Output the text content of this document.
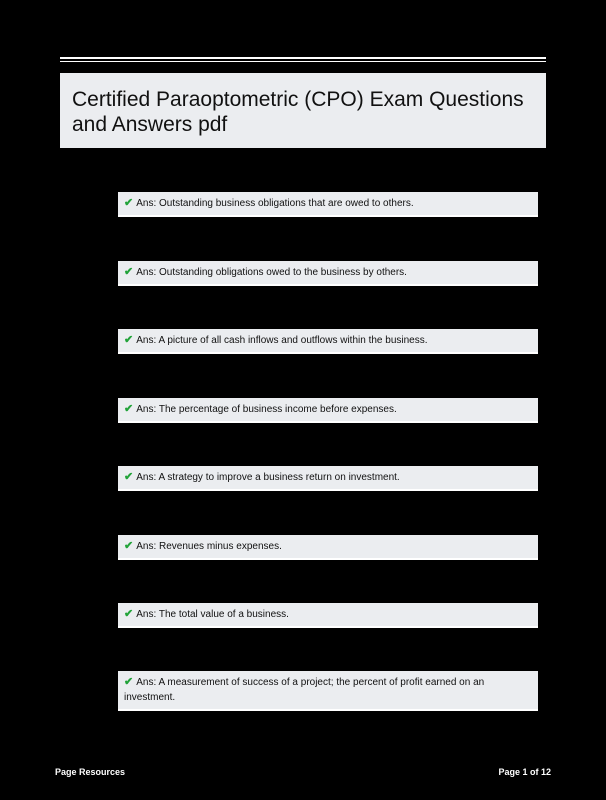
Certified Paraoptometric (CPO) Exam Questions and Answers pdf
✔ Ans: Outstanding business obligations that are owed to others.
✔ Ans: Outstanding obligations owed to the business by others.
✔ Ans: A picture of all cash inflows and outflows within the business.
✔ Ans: The percentage of business income before expenses.
✔ Ans: A strategy to improve a business return on investment.
✔ Ans: Revenues minus expenses.
✔ Ans: The total value of a business.
✔ Ans: A measurement of success of a project; the percent of profit earned on an investment.
Page Resources	Page 1 of 12
